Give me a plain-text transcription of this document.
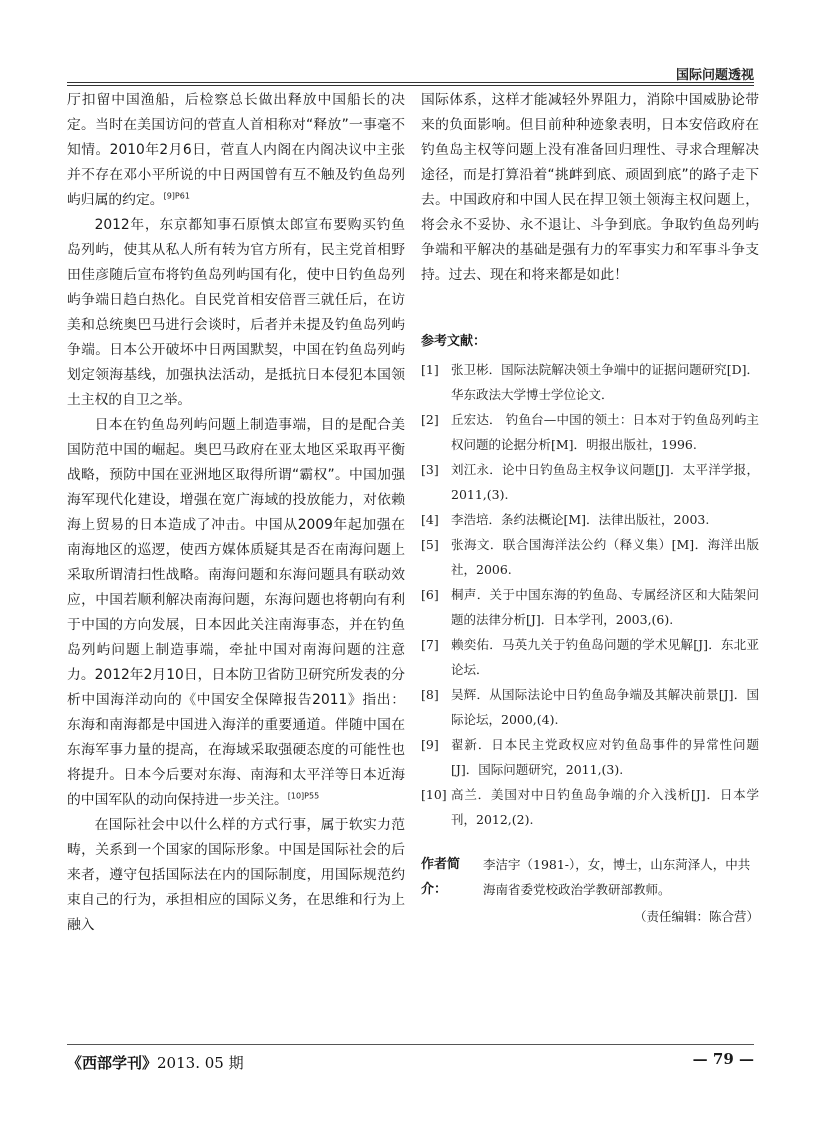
国际问题透视

厅扣留中国渔船，后检察总长做出释放中国船长的决定。当时在美国访问的菅直人首相称对“释放”一事毫不知情。2010年2月6日，菅直人内阁在内阁决议中主张并不存在邓小平所说的中日两国曾有互不触及钓鱼岛列屿归属的约定。$^{[9]P61}$

2012年，东京都知事石原慎太郎宣布要购买钓鱼岛列屿，使其从私人所有转为官方所有，民主党首相野田佳彦随后宣布将钓鱼岛列屿国有化，使中日钓鱼岛列屿争端日趋白热化。自民党首相安倍晋三就任后，在访美和总统奥巴马进行会谈时，后者并未提及钓鱼岛列屿争端。日本公开破坏中日两国默契，中国在钓鱼岛列屿划定领海基线，加强执法活动，是抵抗日本侵犯本国领土主权的自卫之举。

日本在钓鱼岛列屿问题上制造事端，目的是配合美国防范中国的崛起。奥巴马政府在亚太地区采取再平衡战略，预防中国在亚洲地区取得所谓“霸权”。中国加强海军现代化建设，增强在宽广海域的投放能力，对依赖海上贸易的日本造成了冲击。中国从2009年起加强在南海地区的巡逻，使西方媒体质疑其是否在南海问题上采取所谓清扫性战略。南海问题和东海问题具有联动效应，中国若顺利解决南海问题，东海问题也将朝向有利于中国的方向发展，日本因此关注南海事态，并在钓鱼岛列屿问题上制造事端，牵扯中国对南海问题的注意力。2012年2月10日，日本防卫省防卫研究所发表的分析中国海洋动向的《中国安全保障报告2011》指出：东海和南海都是中国进入海洋的重要通道。伴随中国在东海军事力量的提高，在海域采取强硬态度的可能性也将提升。日本今后要对东海、南海和太平洋等日本近海的中国军队的动向保持进一步关注。$^{[10]P55}$

在国际社会中以什么样的方式行事，属于软实力范畴，关系到一个国家的国际形象。中国是国际社会的后来者，遵守包括国际法在内的国际制度，用国际规范约束自己的行为，承担相应的国际义务，在思维和行为上融入

国际体系，这样才能减轻外界阻力，消除中国威胁论带来的负面影响。但目前种种迹象表明，日本安倍政府在钓鱼岛主权等问题上没有准备回归理性、寻求合理解决途径，而是打算沿着“挑衅到底、顽固到底”的路子走下去。中国政府和中国人民在捍卫领土领海主权问题上，将会永不妥协、永不退让、斗争到底。争取钓鱼岛列屿争端和平解决的基础是强有力的军事实力和军事斗争支持。过去、现在和将来都是如此！

参考文献：
[1] 张卫彬．国际法院解决领土争端中的证据问题研究[D]．华东政法大学博士学位论文．
[2] 丘宏达． 钓鱼台—中国的领土：日本对于钓鱼岛列屿主权问题的论据分析[M]．明报出版社，1996.
[3] 刘江永．论中日钓鱼岛主权争议问题[J]．太平洋学报，2011,(3).
[4] 李浩培．条约法概论[M]．法律出版社，2003.
[5] 张海文．联合国海洋法公约（释义集）[M]．海洋出版社，2006.
[6] 桐声．关于中国东海的钓鱼岛、专属经济区和大陆架问题的法律分析[J]．日本学刊，2003,(6).
[7] 赖奕佑．马英九关于钓鱼岛问题的学术见解[J]．东北亚论坛．
[8] 吴辉．从国际法论中日钓鱼岛争端及其解决前景[J]．国际论坛，2000,(4).
[9] 翟新．日本民主党政权应对钓鱼岛事件的异常性问题[J]．国际问题研究，2011,(3).
[10] 高兰．美国对中日钓鱼岛争端的介入浅析[J]．日本学刊，2012,(2).
作者简介：
李洁宇（1981-），女，博士，山东菏泽人，中共海南省委党校政治学教研部教师。
（责任编辑：陈合营）
《西部学刊》2013. 05 期	— 79 —
